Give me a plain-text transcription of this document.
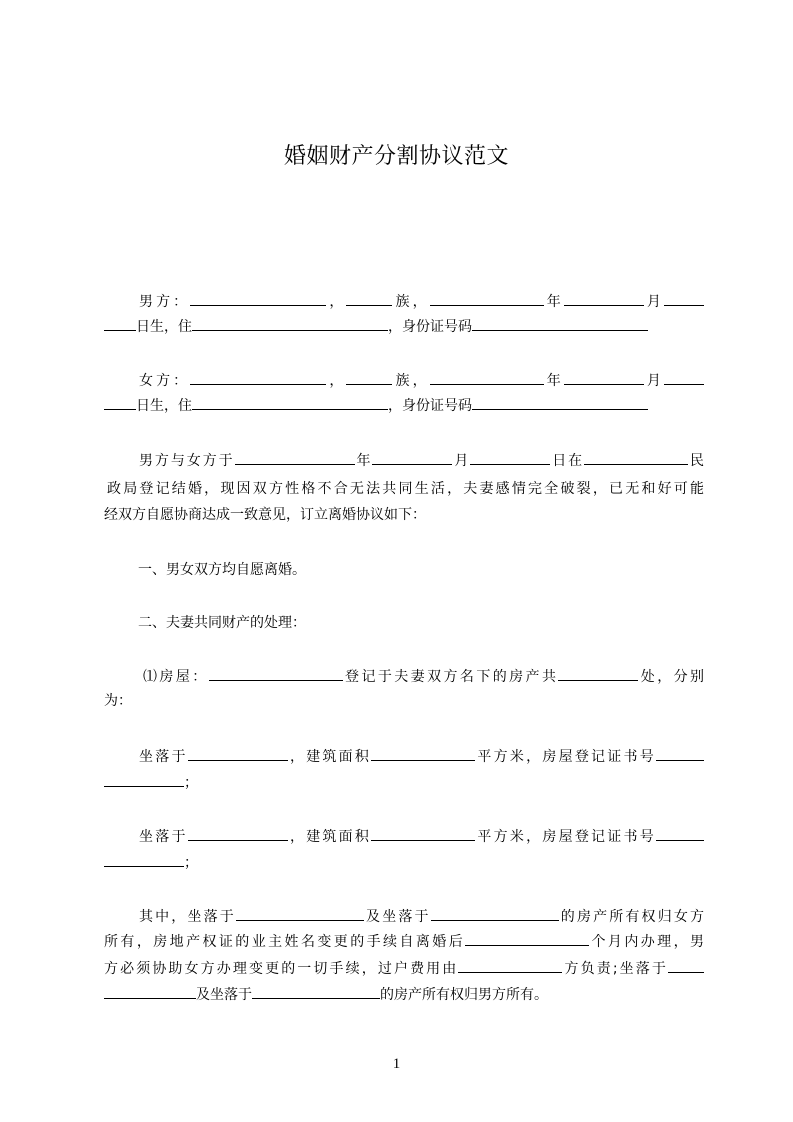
婚姻财产分割协议范文
男方：	，	族，	年	月
日生，住	，身份证号码
女方：	，	族，	年	月
日生，住	，身份证号码
男方与女方于	年	月	日在	民
政局登记结婚，现因双方性格不合无法共同生活，夫妻感情完全破裂，已无和好可能
经双方自愿协商达成一致意见，订立离婚协议如下：
一、男女双方均自愿离婚。
二、夫妻共同财产的处理：
⑴房屋：	登记于夫妻双方名下的房产共	处，分别
为：
坐落于	，建筑面积	平方米，房屋登记证书号
；
坐落于	，建筑面积	平方米，房屋登记证书号
；
其中，坐落于	及坐落于	的房产所有权归女方
所有，房地产权证的业主姓名变更的手续自离婚后	个月内办理，男
方必须协助女方办理变更的一切手续，过户费用由	方负责;坐落于
及坐落于	的房产所有权归男方所有。
1
